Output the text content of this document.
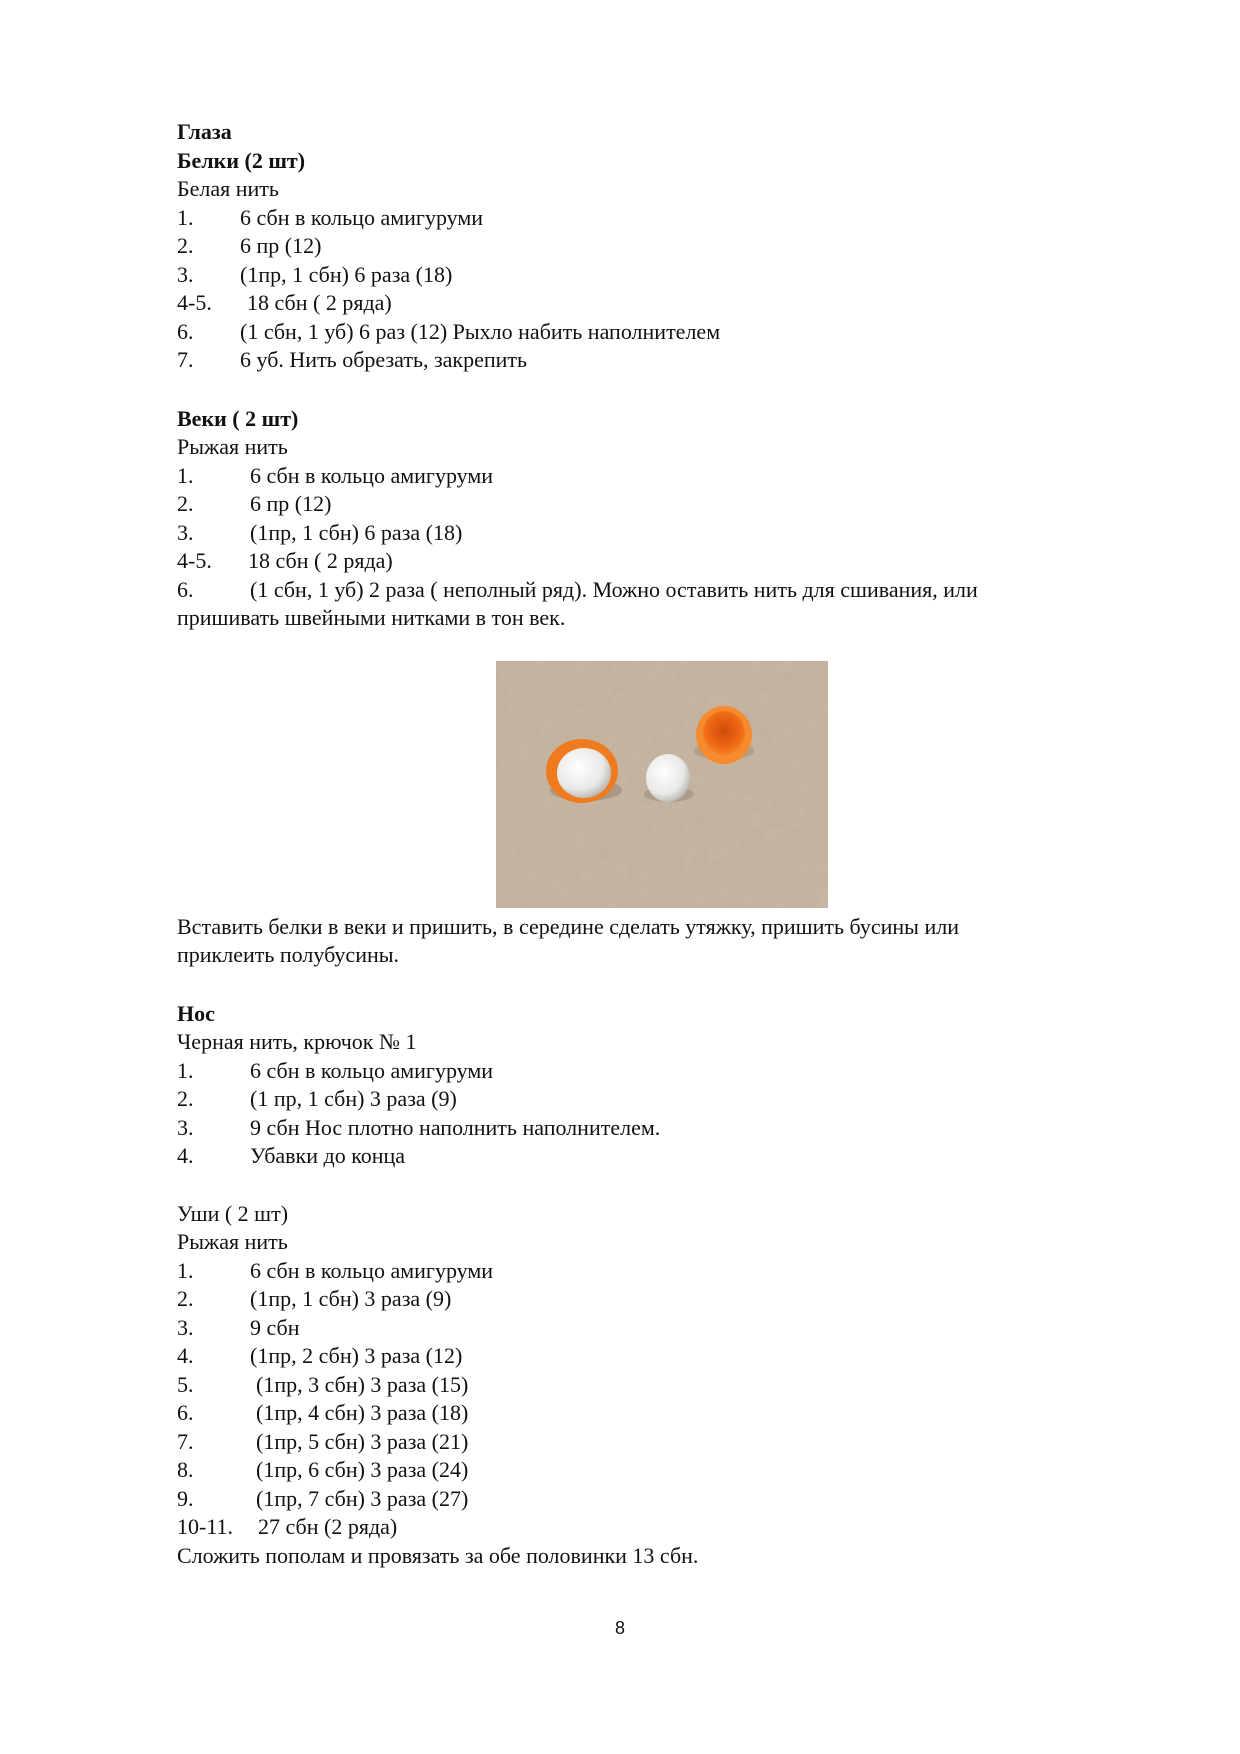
Глаза
Белки (2 шт)
Белая нить
1. 6 сбн в кольцо амигуруми
2. 6 пр (12)
3. (1пр, 1 сбн) 6 раза (18)
4-5. 18 сбн ( 2 ряда)
6. (1 сбн, 1 уб) 6 раз (12) Рыхло набить наполнителем
7. 6 уб. Нить обрезать, закрепить
Веки ( 2 шт)
Рыжая нить
1.	6 сбн в кольцо амигуруми
2.	6 пр (12)
3.	(1пр, 1 сбн) 6 раза (18)
4-5. 18 сбн ( 2 ряда)
6.	(1 сбн, 1 уб) 2 раза ( неполный ряд). Можно оставить нить для сшивания, или
пришивать швейными нитками в тон век.
Вставить белки в веки и пришить, в середине сделать утяжку, пришить бусины или
приклеить полубусины.
Нос
Черная нить, крючок № 1
1.	6 сбн в кольцо амигуруми
2.	(1 пр, 1 сбн) 3 раза (9)
3.	9 сбн Нос плотно наполнить наполнителем.
4.	Убавки до конца
Уши ( 2 шт)
Рыжая нить
1.	6 сбн в кольцо амигуруми
2.	(1пр, 1 сбн) 3 раза (9)
3.	9 сбн
4.	(1пр, 2 сбн) 3 раза (12)
5.	(1пр, 3 сбн) 3 раза (15)
6.	(1пр, 4 сбн) 3 раза (18)
7.	(1пр, 5 сбн) 3 раза (21)
8.	(1пр, 6 сбн) 3 раза (24)
9.	(1пр, 7 сбн) 3 раза (27)
10-11. 27 сбн (2 ряда)
Сложить пополам и провязать за обе половинки 13 сбн.
8
